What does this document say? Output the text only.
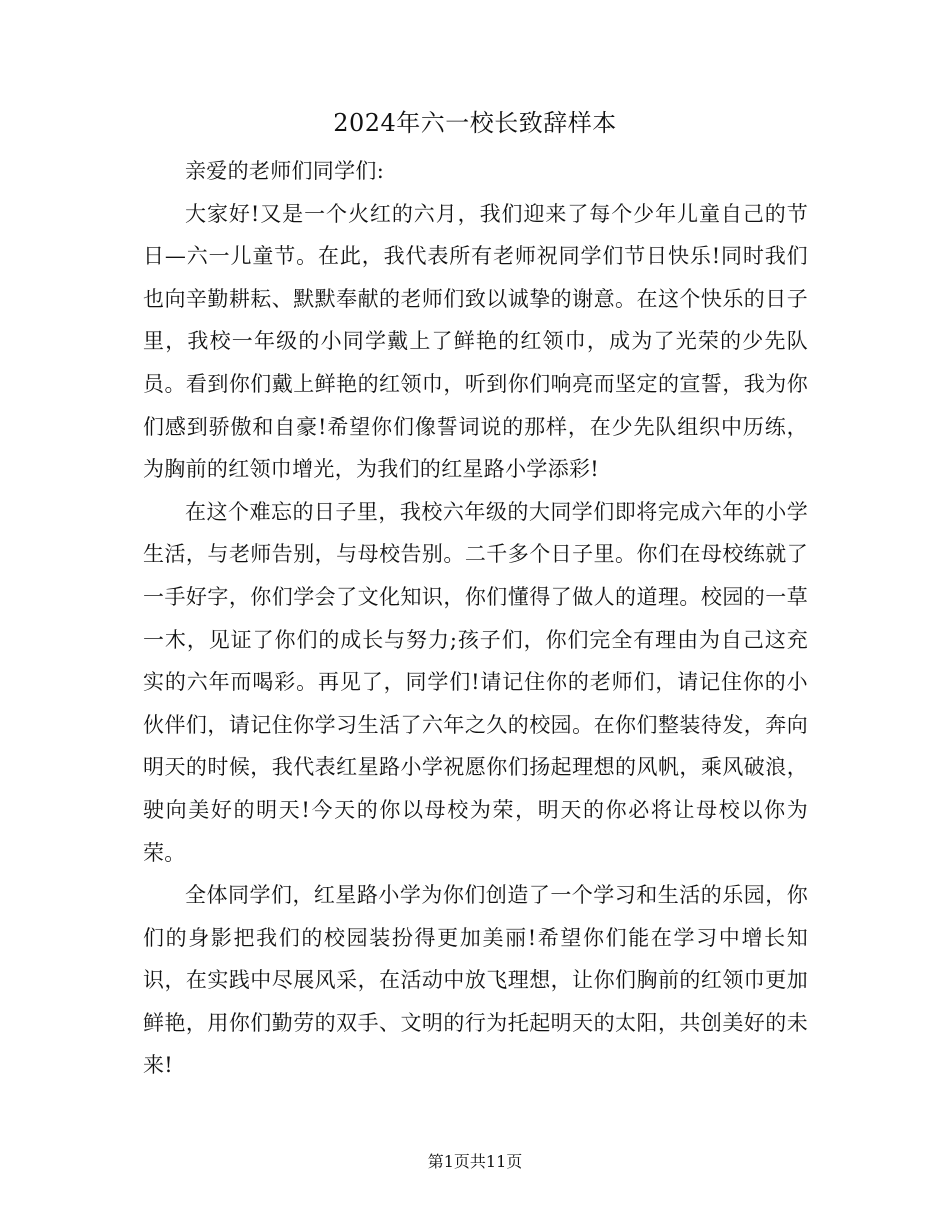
2024年六一校长致辞样本

亲爱的老师们同学们:

大家好!又是一个火红的六月，我们迎来了每个少年儿童自己的节日—六一儿童节。在此，我代表所有老师祝同学们节日快乐!同时我们也向辛勤耕耘、默默奉献的老师们致以诚挚的谢意。在这个快乐的日子里，我校一年级的小同学戴上了鲜艳的红领巾，成为了光荣的少先队员。看到你们戴上鲜艳的红领巾，听到你们响亮而坚定的宣誓，我为你们感到骄傲和自豪!希望你们像誓词说的那样，在少先队组织中历练，为胸前的红领巾增光，为我们的红星路小学添彩!

在这个难忘的日子里，我校六年级的大同学们即将完成六年的小学生活，与老师告别，与母校告别。二千多个日子里。你们在母校练就了一手好字，你们学会了文化知识，你们懂得了做人的道理。校园的一草一木，见证了你们的成长与努力;孩子们，你们完全有理由为自己这充实的六年而喝彩。再见了，同学们!请记住你的老师们，请记住你的小伙伴们，请记住你学习生活了六年之久的校园。在你们整装待发，奔向明天的时候，我代表红星路小学祝愿你们扬起理想的风帆，乘风破浪，驶向美好的明天!今天的你以母校为荣，明天的你必将让母校以你为荣。

全体同学们，红星路小学为你们创造了一个学习和生活的乐园，你们的身影把我们的校园装扮得更加美丽!希望你们能在学习中增长知识，在实践中尽展风采，在活动中放飞理想，让你们胸前的红领巾更加鲜艳，用你们勤劳的双手、文明的行为托起明天的太阳，共创美好的未来!

第1页共11页
